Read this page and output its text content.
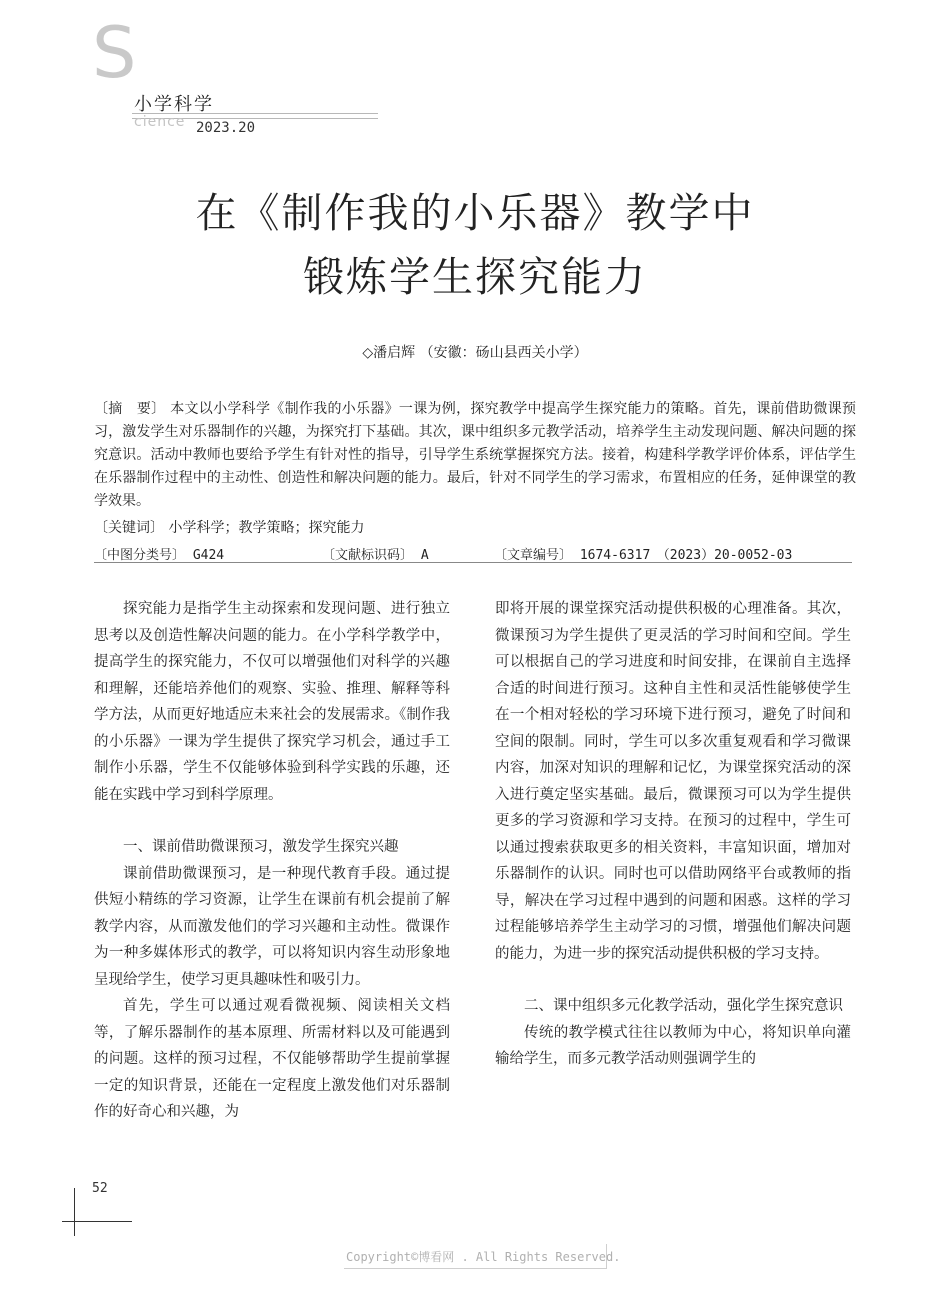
S
小学科学
cience 2023.20
在《制作我的小乐器》教学中
锻炼学生探究能力
◇潘启辉 （安徽：砀山县西关小学）
〔摘　要〕 本文以小学科学《制作我的小乐器》一课为例，探究教学中提高学生探究能力的策略。首先，课前借助微课预习，激发学生对乐器制作的兴趣，为探究打下基础。其次，课中组织多元教学活动，培养学生主动发现问题、解决问题的探究意识。活动中教师也要给予学生有针对性的指导，引导学生系统掌握探究方法。接着，构建科学教学评价体系，评估学生在乐器制作过程中的主动性、创造性和解决问题的能力。最后，针对不同学生的学习需求，布置相应的任务，延伸课堂的教学效果。
〔关键词〕 小学科学；教学策略；探究能力
〔中图分类号〕 G424	〔文献标识码〕 A	〔文章编号〕 1674-6317　（2023）20-0052-03

探究能力是指学生主动探索和发现问题、进行独立思考以及创造性解决问题的能力。在小学科学教学中，提高学生的探究能力，不仅可以增强他们对科学的兴趣和理解，还能培养他们的观察、实验、推理、解释等科学方法，从而更好地适应未来社会的发展需求。《制作我的小乐器》一课为学生提供了探究学习机会，通过手工制作小乐器，学生不仅能够体验到科学实践的乐趣，还能在实践中学习到科学原理。

一、课前借助微课预习，激发学生探究兴趣

课前借助微课预习，是一种现代教育手段。通过提供短小精练的学习资源，让学生在课前有机会提前了解教学内容，从而激发他们的学习兴趣和主动性。微课作为一种多媒体形式的教学，可以将知识内容生动形象地呈现给学生，使学习更具趣味性和吸引力。

首先，学生可以通过观看微视频、阅读相关文档等，了解乐器制作的基本原理、所需材料以及可能遇到的问题。这样的预习过程，不仅能够帮助学生提前掌握一定的知识背景，还能在一定程度上激发他们对乐器制作的好奇心和兴趣，为

即将开展的课堂探究活动提供积极的心理准备。其次，微课预习为学生提供了更灵活的学习时间和空间。学生可以根据自己的学习进度和时间安排，在课前自主选择合适的时间进行预习。这种自主性和灵活性能够使学生在一个相对轻松的学习环境下进行预习，避免了时间和空间的限制。同时，学生可以多次重复观看和学习微课内容，加深对知识的理解和记忆，为课堂探究活动的深入进行奠定坚实基础。最后，微课预习可以为学生提供更多的学习资源和学习支持。在预习的过程中，学生可以通过搜索获取更多的相关资料，丰富知识面，增加对乐器制作的认识。同时也可以借助网络平台或教师的指导，解决在学习过程中遇到的问题和困惑。这样的学习过程能够培养学生主动学习的习惯，增强他们解决问题的能力，为进一步的探究活动提供积极的学习支持。

二、课中组织多元化教学活动，强化学生探究意识

传统的教学模式往往以教师为中心，将知识单向灌输给学生，而多元教学活动则强调学生的

52
Copyright©博看网 . All Rights Reserved.
